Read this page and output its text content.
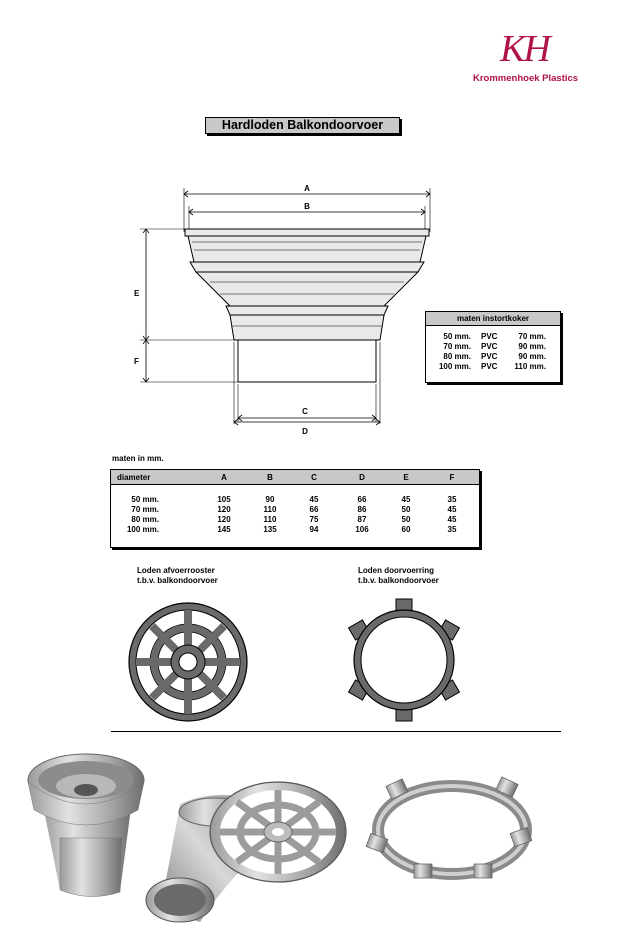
KH
Krommenhoek Plastics
Hardloden Balkondoorvoer
A
B
E
F
C
D
maten instortkoker
50 mm. PVC	70 mm.
70 mm. PVC	90 mm.
80 mm. PVC	90 mm.
100 mm. PVC	110 mm.
maten in mm.
diameter	A	B	C	D	E	F
50 mm.	105	90	45	66	45	35
70 mm.	120	110	66	86	50	45
80 mm.	120	110	75	87	50	45
100 mm.	145	135	94	106	60	35
Loden afvoerrooster
t.b.v. balkondoorvoer
Loden doorvoerring
t.b.v. balkondoorvoer
